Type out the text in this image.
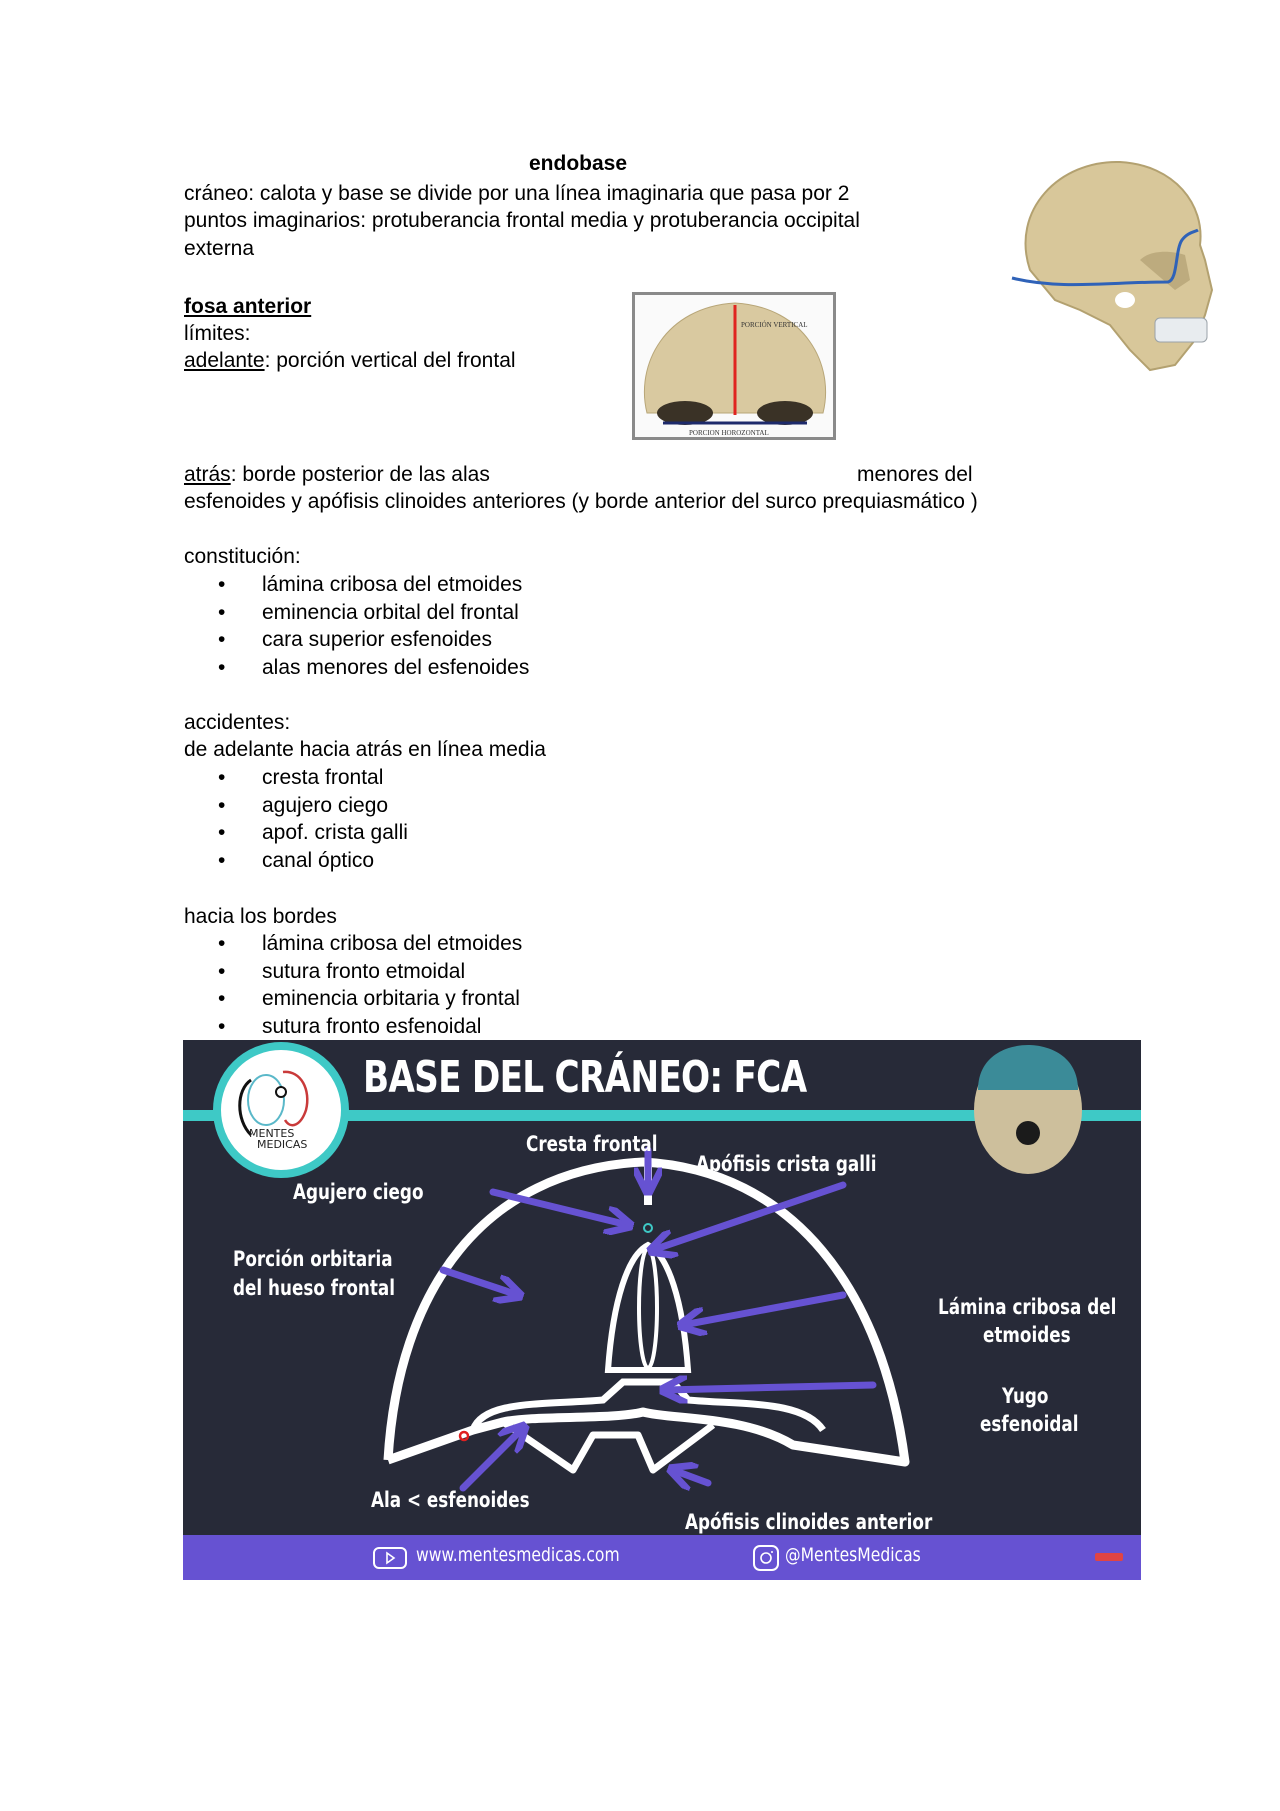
endobase
cráneo: calota y base se divide por una línea imaginaria que pasa por 2
puntos imaginarios: protuberancia frontal media y protuberancia occipital
externa
fosa anterior
límites:
adelante: porción vertical del frontal
PORCIÓN VERTICAL
PORCION HOROZONTAL
atrás: borde posterior de las alas	menores del
esfenoides y apófisis clinoides anteriores (y borde anterior del surco prequiasmático )
constitución:
• lámina cribosa del etmoides
• eminencia orbital del frontal
• cara superior esfenoides
• alas menores del esfenoides
accidentes:
de adelante hacia atrás en línea media
• cresta frontal
• agujero ciego
• apof. crista galli
• canal óptico
hacia los bordes
• lámina cribosa del etmoides
• sutura fronto etmoidal
• eminencia orbitaria y frontal
• sutura fronto esfenoidal
MENTES
MEDICAS
BASE DEL CRÁNEO: FCA
Cresta frontal
Agujero ciego
Apófisis crista galli
Porción orbitaria
del hueso frontal
Lámina cribosa del
etmoides
Yugo
esfenoidal
Ala < esfenoides
Apófisis clinoides anterior
www.mentesmedicas.com	@MentesMedicas
